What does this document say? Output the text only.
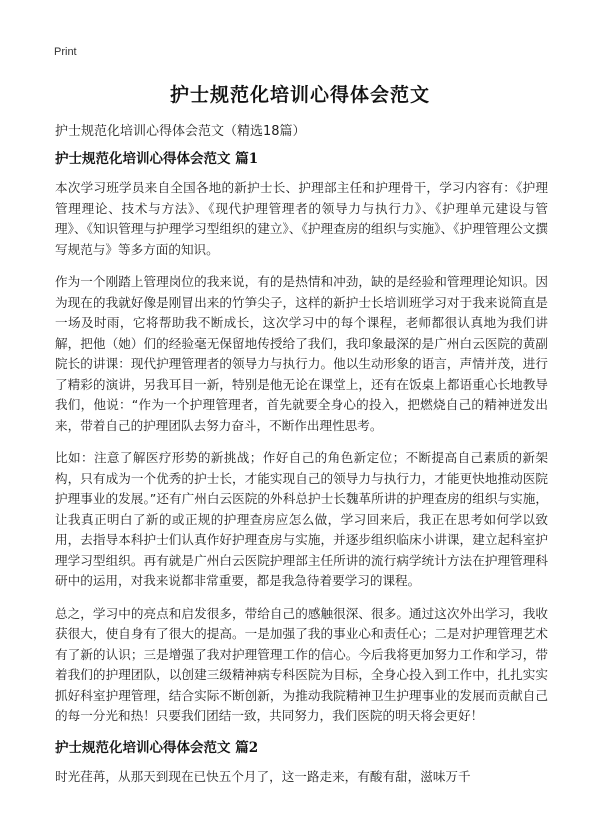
Print
护士规范化培训心得体会范文
护士规范化培训心得体会范文（精选18篇）
护士规范化培训心得体会范文 篇1

本次学习班学员来自全国各地的新护士长、护理部主任和护理骨干，学习内容有：《护理管理理论、技术与方法》、《现代护理管理者的领导力与执行力》、《护理单元建设与管理》、《知识管理与护理学习型组织的建立》、《护理查房的组织与实施》、《护理管理公文撰写规范与》等多方面的知识。

作为一个刚踏上管理岗位的我来说，有的是热情和冲劲，缺的是经验和管理理论知识。因为现在的我就好像是刚冒出来的竹笋尖子，这样的新护士长培训班学习对于我来说简直是一场及时雨，它将帮助我不断成长，这次学习中的每个课程，老师都很认真地为我们讲解，把他（她）们的经验毫无保留地传授给了我们，我印象最深的是广州白云医院的黄副院长的讲课：现代护理管理者的领导力与执行力。他以生动形象的语言，声情并茂，进行了精彩的演讲，另我耳目一新，特别是他无论在课堂上，还有在饭桌上都语重心长地教导我们，他说：“作为一个护理管理者，首先就要全身心的投入，把燃烧自己的精神迸发出来，带着自己的护理团队去努力奋斗，不断作出理性思考。

比如：注意了解医疗形势的新挑战；作好自己的角色新定位；不断提高自己素质的新架构，只有成为一个优秀的护士长，才能实现自己的领导力与执行力，才能更快地推动医院护理事业的发展。”还有广州白云医院的外科总护士长魏革所讲的护理查房的组织与实施，让我真正明白了新的或正规的护理查房应怎么做，学习回来后，我正在思考如何学以致用，去指导本科护士们认真作好护理查房与实施，并逐步组织临床小讲课，建立起科室护理学习型组织。再有就是广州白云医院护理部主任所讲的流行病学统计方法在护理管理科研中的运用，对我来说都非常重要，都是我急待着要学习的课程。

总之，学习中的亮点和启发很多，带给自己的感触很深、很多。通过这次外出学习，我收获很大，使自身有了很大的提高。一是加强了我的事业心和责任心；二是对护理管理艺术有了新的认识；三是增强了我对护理管理工作的信心。今后我将更加努力工作和学习，带着我们的护理团队，以创建三级精神病专科医院为目标，全身心投入到工作中，扎扎实实抓好科室护理管理，结合实际不断创新，为推动我院精神卫生护理事业的发展而贡献自己的每一分光和热！只要我们团结一致，共同努力，我们医院的明天将会更好！

护士规范化培训心得体会范文 篇2

时光荏苒，从那天到现在已快五个月了，这一路走来，有酸有甜，滋味万千
